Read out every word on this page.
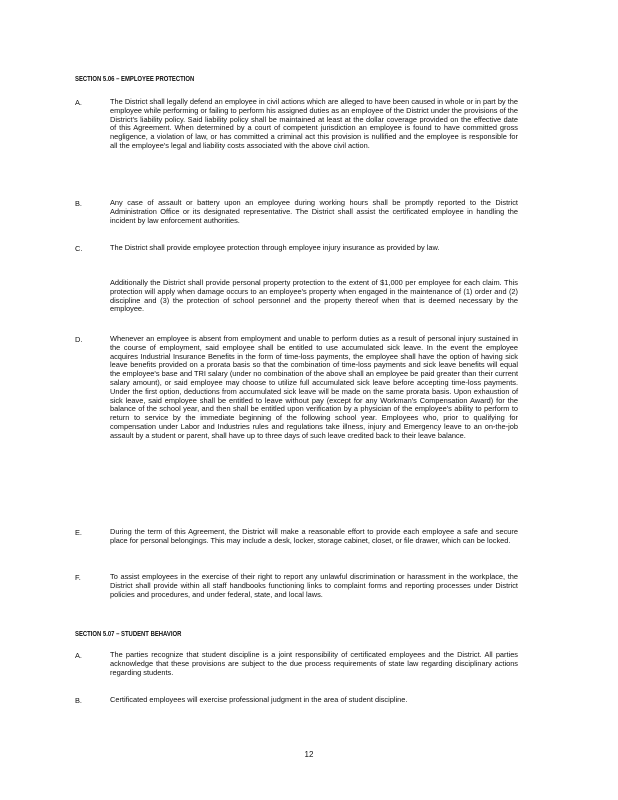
SECTION 5.06 – EMPLOYEE PROTECTION
A.	The District shall legally defend an employee in civil actions which are alleged to have been caused in whole or in part by the employee while performing or failing to perform his assigned duties as an employee of the District under the provisions of the District's liability policy. Said liability policy shall be maintained at least at the dollar coverage provided on the effective date of this Agreement. When determined by a court of competent jurisdiction an employee is found to have committed gross negligence, a violation of law, or has committed a criminal act this provision is nullified and the employee is responsible for all the employee's legal and liability costs associated with the above civil action.
B.	Any case of assault or battery upon an employee during working hours shall be promptly reported to the District Administration Office or its designated representative. The District shall assist the certificated employee in handling the incident by law enforcement authorities.
C.	The District shall provide employee protection through employee injury insurance as provided by law.
Additionally the District shall provide personal property protection to the extent of $1,000 per employee for each claim. This protection will apply when damage occurs to an employee's property when engaged in the maintenance of (1) order and (2) discipline and (3) the protection of school personnel and the property thereof when that is deemed necessary by the employee.
D.	Whenever an employee is absent from employment and unable to perform duties as a result of personal injury sustained in the course of employment, said employee shall be entitled to use accumulated sick leave. In the event the employee acquires Industrial Insurance Benefits in the form of time-loss payments, the employee shall have the option of having sick leave benefits provided on a prorata basis so that the combination of time-loss payments and sick leave benefits will equal the employee's base and TRI salary (under no combination of the above shall an employee be paid greater than their current salary amount), or said employee may choose to utilize full accumulated sick leave before accepting time-loss payments. Under the first option, deductions from accumulated sick leave will be made on the same prorata basis. Upon exhaustion of sick leave, said employee shall be entitled to leave without pay (except for any Workman's Compensation Award) for the balance of the school year, and then shall be entitled upon verification by a physician of the employee's ability to perform to return to service by the immediate beginning of the following school year. Employees who, prior to qualifying for compensation under Labor and Industries rules and regulations take illness, injury and Emergency leave to an on-the-job assault by a student or parent, shall have up to three days of such leave credited back to their leave balance.
E.	During the term of this Agreement, the District will make a reasonable effort to provide each employee a safe and secure place for personal belongings. This may include a desk, locker, storage cabinet, closet, or file drawer, which can be locked.
F.	To assist employees in the exercise of their right to report any unlawful discrimination or harassment in the workplace, the District shall provide within all staff handbooks functioning links to complaint forms and reporting processes under District policies and procedures, and under federal, state, and local laws.
SECTION 5.07 – STUDENT BEHAVIOR
A.	The parties recognize that student discipline is a joint responsibility of certificated employees and the District. All parties acknowledge that these provisions are subject to the due process requirements of state law regarding disciplinary actions regarding students.
B.	Certificated employees will exercise professional judgment in the area of student discipline.
12
